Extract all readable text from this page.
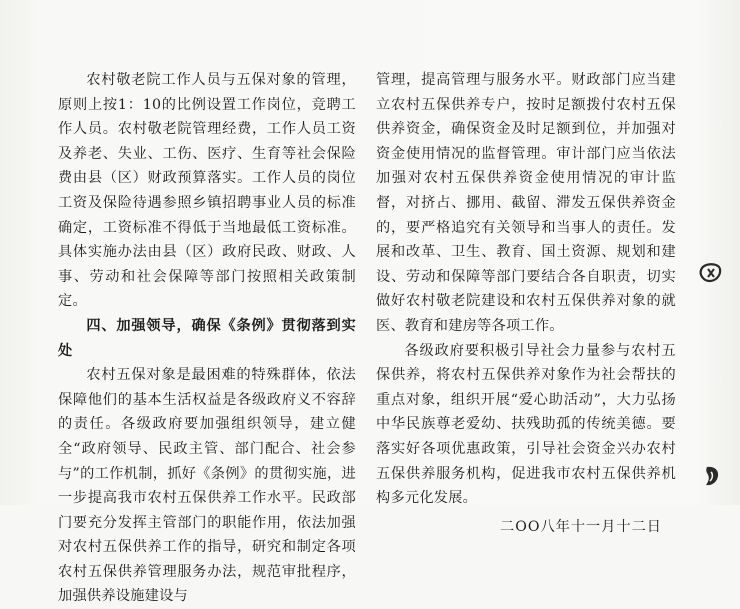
农村敬老院工作人员与五保对象的管理，原则上按1：10的比例设置工作岗位，竞聘工作人员。农村敬老院管理经费，工作人员工资及养老、失业、工伤、医疗、生育等社会保险费由县（区）财政预算落实。工作人员的岗位工资及保险待遇参照乡镇招聘事业人员的标准确定，工资标准不得低于当地最低工资标准。具体实施办法由县（区）政府民政、财政、人事、劳动和社会保障等部门按照相关政策制定。

四、加强领导，确保《条例》贯彻落到实处

农村五保对象是最困难的特殊群体，依法保障他们的基本生活权益是各级政府义不容辞的责任。各级政府要加强组织领导，建立健全“政府领导、民政主管、部门配合、社会参与”的工作机制，抓好《条例》的贯彻实施，进一步提高我市农村五保供养工作水平。民政部门要充分发挥主管部门的职能作用，依法加强对农村五保供养工作的指导，研究和制定各项农村五保供养管理服务办法，规范审批程序，加强供养设施建设与

管理，提高管理与服务水平。财政部门应当建立农村五保供养专户，按时足额拨付农村五保供养资金，确保资金及时足额到位，并加强对资金使用情况的监督管理。审计部门应当依法加强对农村五保供养资金使用情况的审计监督，对挤占、挪用、截留、滞发五保供养资金的，要严格追究有关领导和当事人的责任。发展和改革、卫生、教育、国土资源、规划和建设、劳动和保障等部门要结合各自职责，切实做好农村敬老院建设和农村五保供养对象的就医、教育和建房等各项工作。

各级政府要积极引导社会力量参与农村五保供养，将农村五保供养对象作为社会帮扶的重点对象，组织开展“爱心助活动”，大力弘扬中华民族尊老爱幼、扶残助孤的传统美德。要落实好各项优惠政策，引导社会资金兴办农村五保供养服务机构，促进我市农村五保供养机构多元化发展。

二ОО八年十一月十二日
